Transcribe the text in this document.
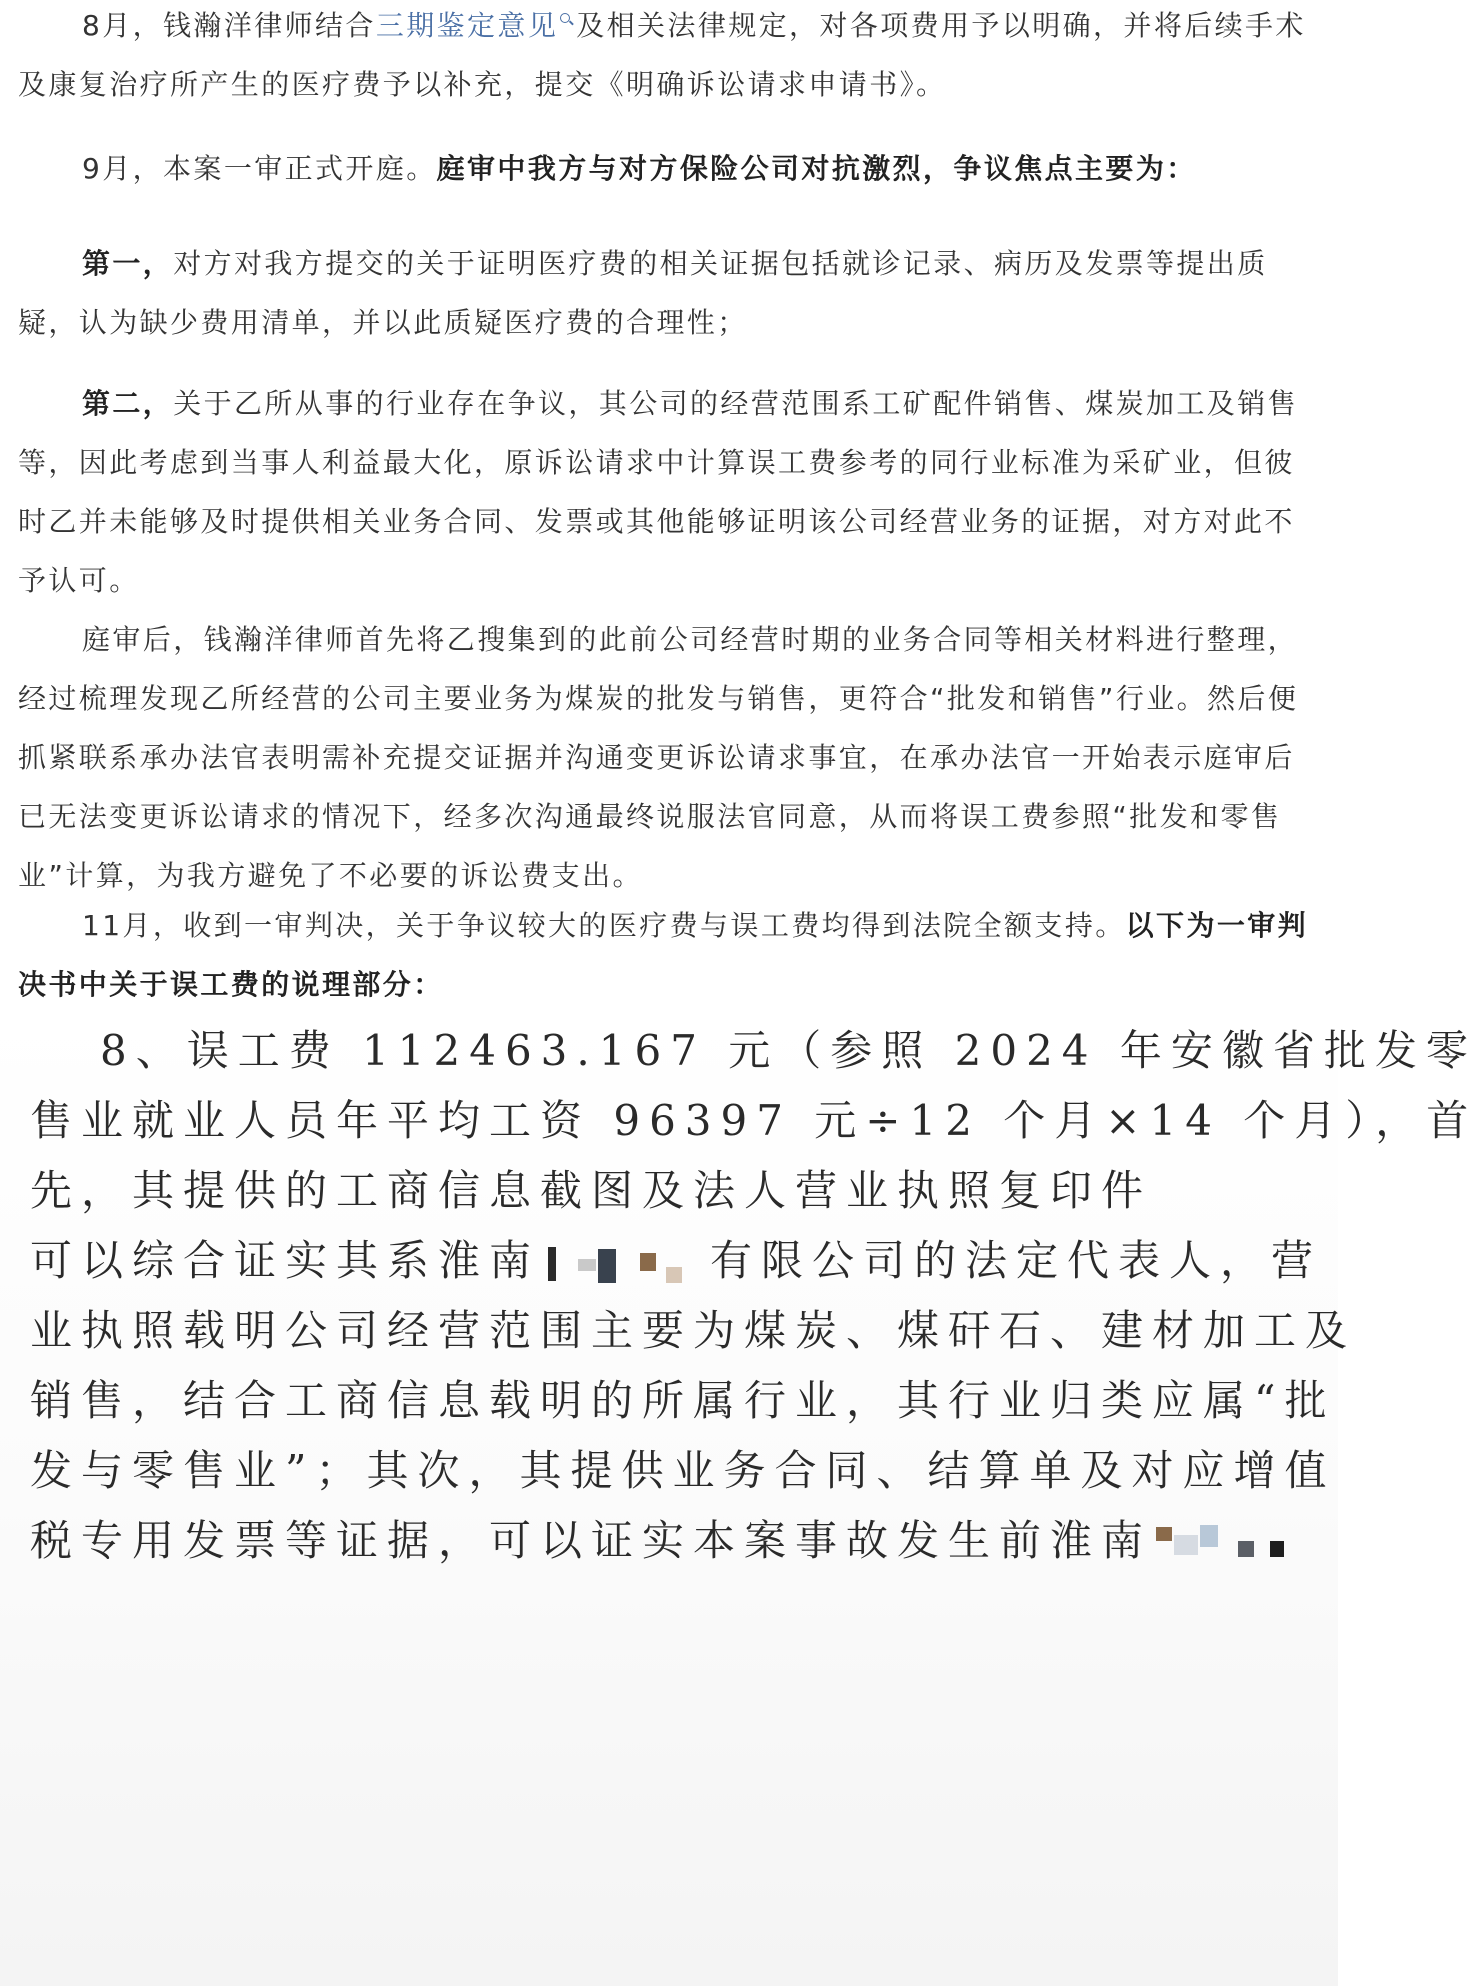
8月，钱瀚洋律师结合三期鉴定意见 及相关法律规定，对各项费用予以明确，并将后续手术及康复治疗所产生的医疗费予以补充，提交《明确诉讼请求申请书》。

9月，本案一审正式开庭。庭审中我方与对方保险公司对抗激烈，争议焦点主要为：

第一，对方对我方提交的关于证明医疗费的相关证据包括就诊记录、病历及发票等提出质疑，认为缺少费用清单，并以此质疑医疗费的合理性；

第二，关于乙所从事的行业存在争议，其公司的经营范围系工矿配件销售、煤炭加工及销售等，因此考虑到当事人利益最大化，原诉讼请求中计算误工费参考的同行业标准为采矿业，但彼时乙并未能够及时提供相关业务合同、发票或其他能够证明该公司经营业务的证据，对方对此不予认可。

庭审后，钱瀚洋律师首先将乙搜集到的此前公司经营时期的业务合同等相关材料进行整理，经过梳理发现乙所经营的公司主要业务为煤炭的批发与销售，更符合“批发和销售”行业。然后便抓紧联系承办法官表明需补充提交证据并沟通变更诉讼请求事宜，在承办法官一开始表示庭审后已无法变更诉讼请求的情况下，经多次沟通最终说服法官同意，从而将误工费参照“批发和零售业”计算，为我方避免了不必要的诉讼费支出。

11月，收到一审判决，关于争议较大的医疗费与误工费均得到法院全额支持。以下为一审判决书中关于误工费的说理部分：

8、误工费 112463.167 元（参照 2024 年安徽省批发零

售业就业人员年平均工资 96397 元÷12 个月×14 个月），首

先，其提供的工商信息截图及法人营业执照复印件

可以综合证实其系淮南	有限公司的法定代表人，营

业执照载明公司经营范围主要为煤炭、煤矸石、建材加工及

销售，结合工商信息载明的所属行业，其行业归类应属“批

发与零售业”；其次，其提供业务合同、结算单及对应增值

税专用发票等证据，可以证实本案事故发生前淮南
